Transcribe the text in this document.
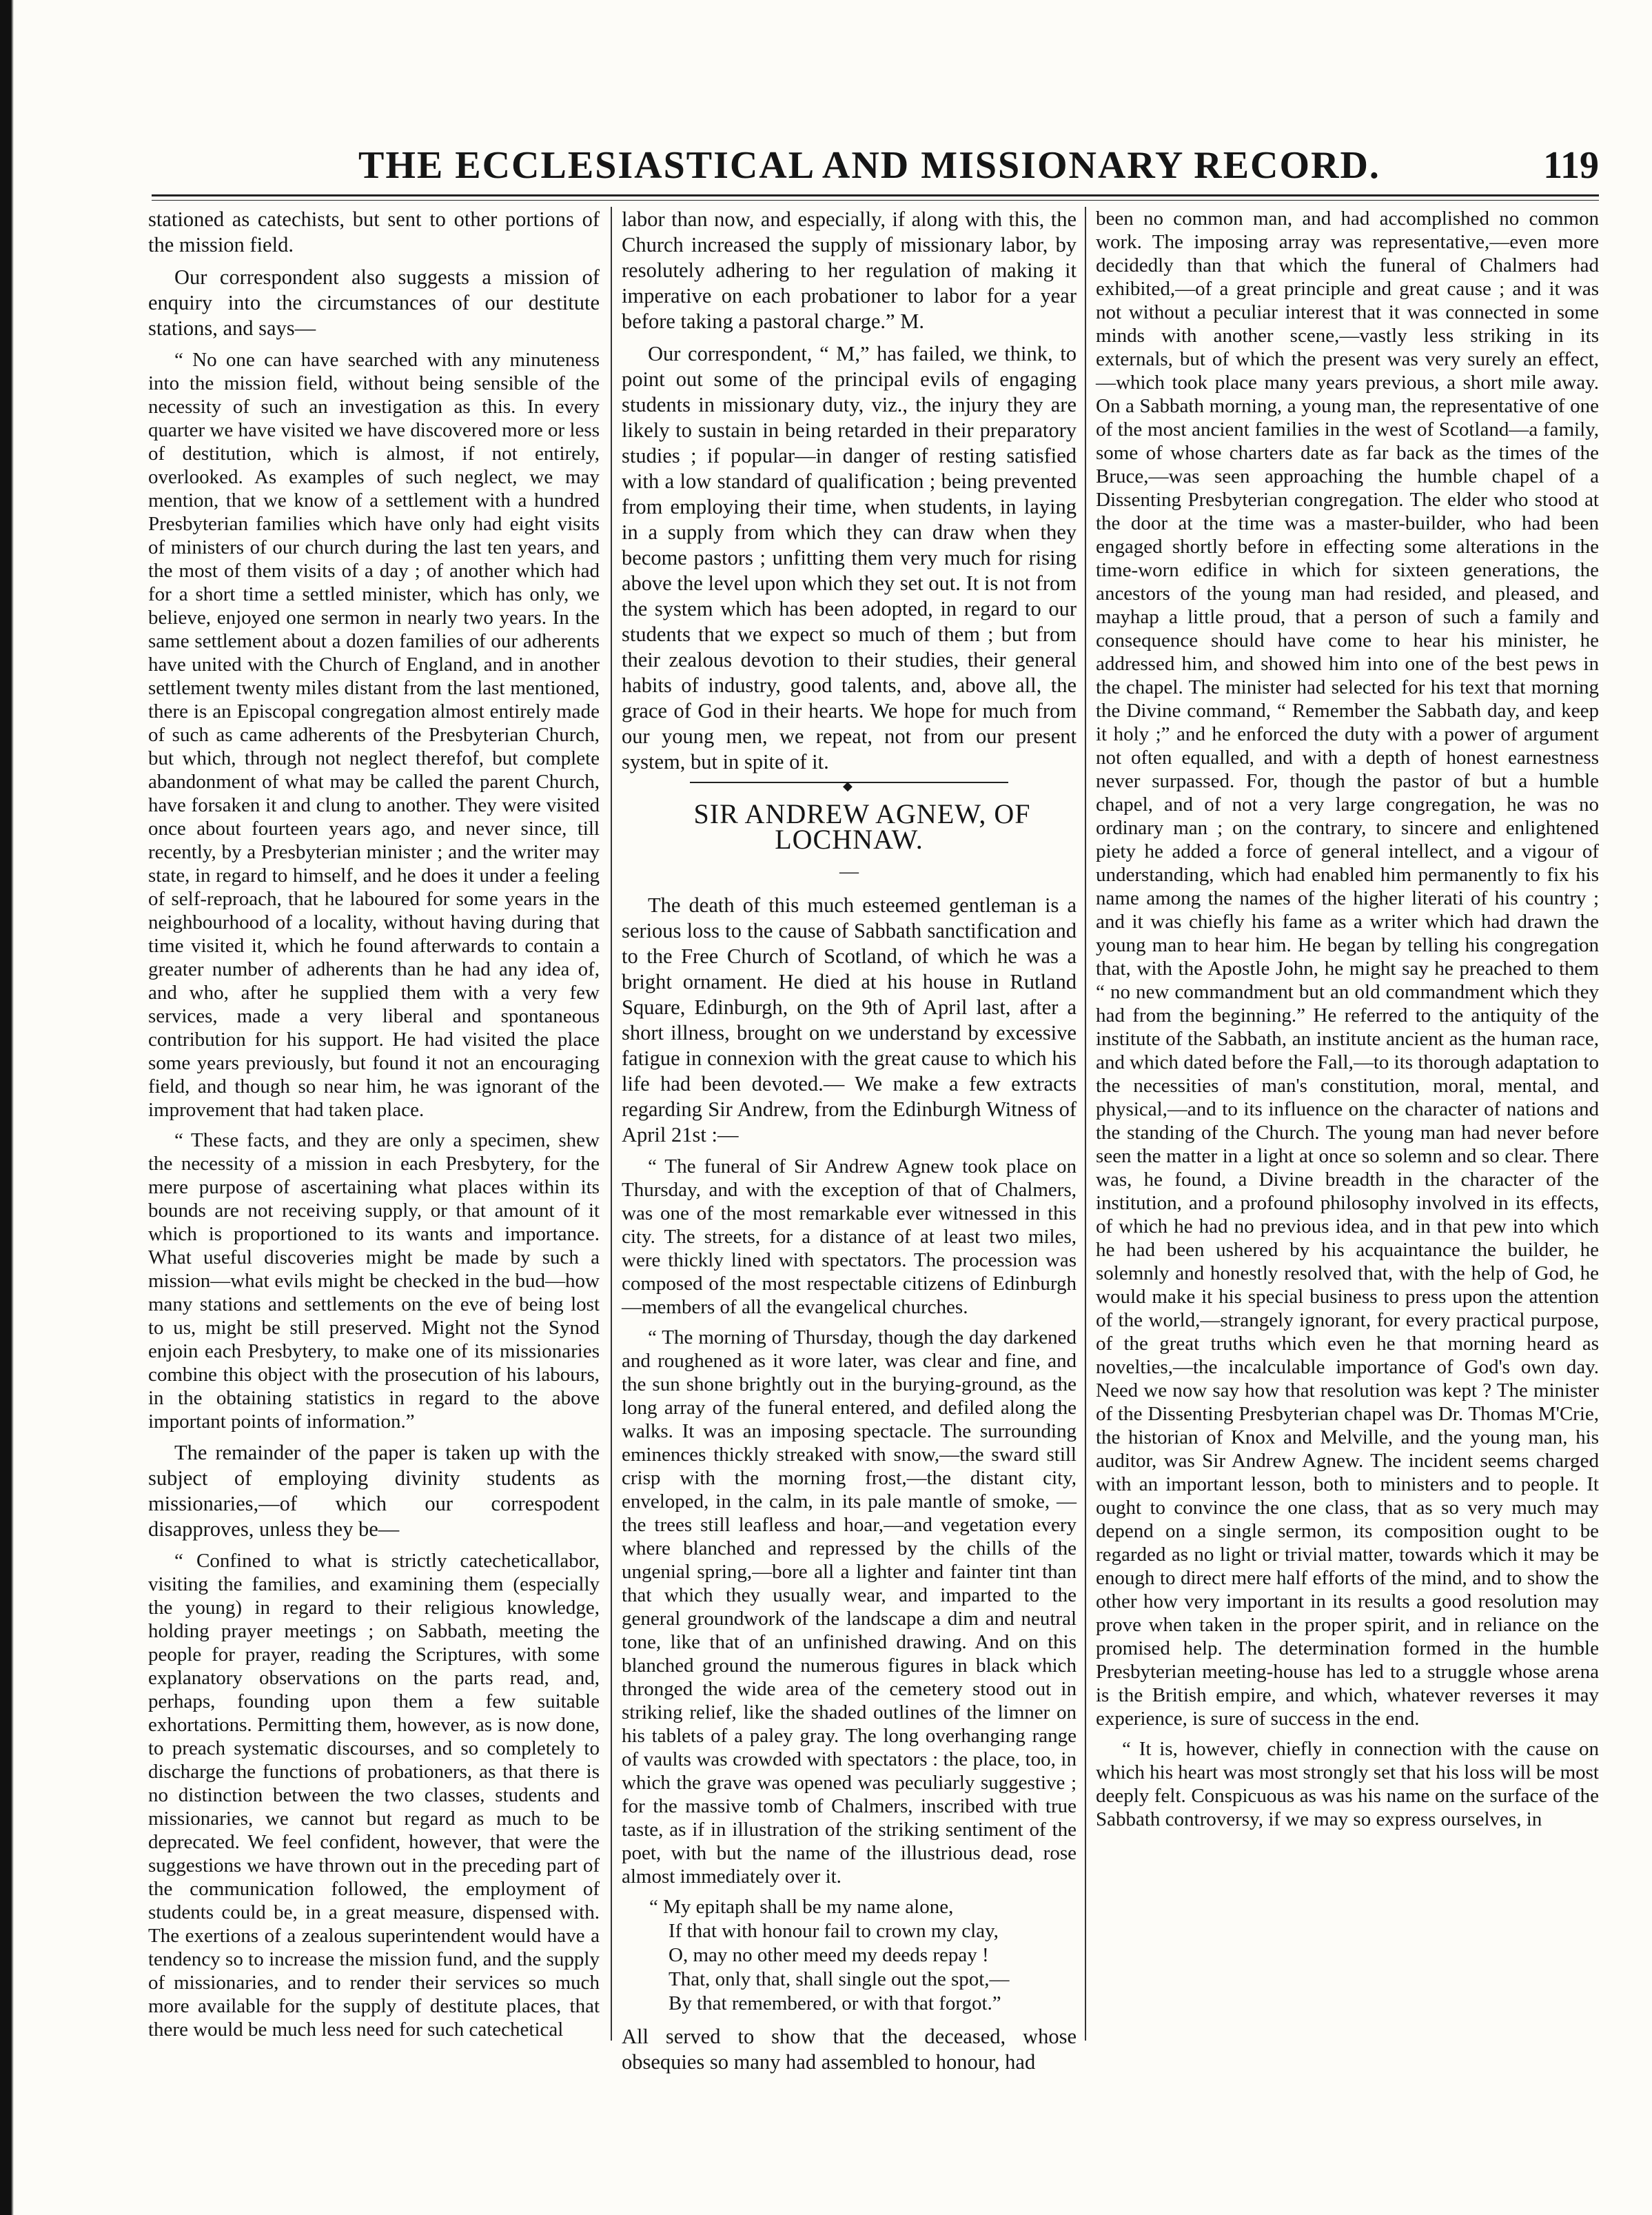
THE ECCLESIASTICAL AND MISSIONARY RECORD.	119

stationed as catechists, but sent to other portions of the mission field.

Our correspondent also suggests a mission of enquiry into the circumstances of our destitute stations, and says—

“ No one can have searched with any minuteness into the mission field, without being sensible of the necessity of such an investigation as this. In every quarter we have visited we have discovered more or less of destitution, which is almost, if not entirely, overlooked. As examples of such neglect, we may mention, that we know of a settlement with a hundred Presbyterian families which have only had eight visits of ministers of our church during the last ten years, and the most of them visits of a day ; of another which had for a short time a settled minister, which has only, we believe, enjoyed one sermon in nearly two years. In the same settlement about a dozen families of our adherents have united with the Church of England, and in another settlement twenty miles distant from the last mentioned, there is an Episcopal congregation almost entirely made of such as came adherents of the Presbyterian Church, but which, through not neglect therefof, but complete abandonment of what may be called the parent Church, have forsaken it and clung to another. They were visited once about fourteen years ago, and never since, till recently, by a Presbyterian minister ; and the writer may state, in regard to himself, and he does it under a feeling of self-reproach, that he laboured for some years in the neighbourhood of a locality, without having during that time visited it, which he found afterwards to contain a greater number of adherents than he had any idea of, and who, after he supplied them with a very few services, made a very liberal and spontaneous contribution for his support. He had visited the place some years previously, but found it not an encouraging field, and though so near him, he was ignorant of the improvement that had taken place.

“ These facts, and they are only a specimen, shew the necessity of a mission in each Presbytery, for the mere purpose of ascertaining what places within its bounds are not receiving supply, or that amount of it which is proportioned to its wants and importance. What useful discoveries might be made by such a mission—what evils might be checked in the bud—how many stations and settlements on the eve of being lost to us, might be still preserved. Might not the Synod enjoin each Presbytery, to make one of its missionaries combine this object with the prosecution of his labours, in the obtaining statistics in regard to the above important points of information.”

The remainder of the paper is taken up with the subject of employing divinity students as missionaries,—of which our correspodent disapproves, unless they be—

“ Confined to what is strictly catecheticallabor, visiting the families, and examining them (especially the young) in regard to their religious knowledge, holding prayer meetings ; on Sabbath, meeting the people for prayer, reading the Scriptures, with some explanatory observations on the parts read, and, perhaps, founding upon them a few suitable exhortations. Permitting them, however, as is now done, to preach systematic discourses, and so completely to discharge the functions of probationers, as that there is no distinction between the two classes, students and missionaries, we cannot but regard as much to be deprecated. We feel confident, however, that were the suggestions we have thrown out in the preceding part of the communication followed, the employment of students could be, in a great measure, dispensed with. The exertions of a zealous superintendent would have a tendency so to increase the mission fund, and the supply of missionaries, and to render their services so much more available for the supply of destitute places, that there would be much less need for such catechetical

labor than now, and especially, if along with this, the Church increased the supply of missionary labor, by resolutely adhering to her regulation of making it imperative on each probationer to labor for a year before taking a pastoral charge.” M.

Our correspondent, “ M,” has failed, we think, to point out some of the principal evils of engaging students in missionary duty, viz., the injury they are likely to sustain in being retarded in their preparatory studies ; if popular—in danger of resting satisfied with a low standard of qualification ; being prevented from employing their time, when students, in laying in a supply from which they can draw when they become pastors ; unfitting them very much for rising above the level upon which they set out. It is not from the system which has been adopted, in regard to our students that we expect so much of them ; but from their zealous devotion to their studies, their general habits of industry, good talents, and, above all, the grace of God in their hearts. We hope for much from our young men, we repeat, not from our present system, but in spite of it.

◆

SIR ANDREW AGNEW, OF LOCHNAW.

—

The death of this much esteemed gentleman is a serious loss to the cause of Sabbath sanctification and to the Free Church of Scotland, of which he was a bright ornament. He died at his house in Rutland Square, Edinburgh, on the 9th of April last, after a short illness, brought on we understand by excessive fatigue in connexion with the great cause to which his life had been devoted.— We make a few extracts regarding Sir Andrew, from the Edinburgh Witness of April 21st :—

“ The funeral of Sir Andrew Agnew took place on Thursday, and with the exception of that of Chalmers, was one of the most remarkable ever witnessed in this city. The streets, for a distance of at least two miles, were thickly lined with spectators. The procession was composed of the most respectable citizens of Edinburgh—members of all the evangelical churches.

“ The morning of Thursday, though the day darkened and roughened as it wore later, was clear and fine, and the sun shone brightly out in the burying-ground, as the long array of the funeral entered, and defiled along the walks. It was an imposing spectacle. The surrounding eminences thickly streaked with snow,—the sward still crisp with the morning frost,—the distant city, enveloped, in the calm, in its pale mantle of smoke, —the trees still leafless and hoar,—and vegetation every where blanched and repressed by the chills of the ungenial spring,—bore all a lighter and fainter tint than that which they usually wear, and imparted to the general groundwork of the landscape a dim and neutral tone, like that of an unfinished drawing. And on this blanched ground the numerous figures in black which thronged the wide area of the cemetery stood out in striking relief, like the shaded outlines of the limner on his tablets of a paley gray. The long overhanging range of vaults was crowded with spectators : the place, too, in which the grave was opened was peculiarly suggestive ; for the massive tomb of Chalmers, inscribed with true taste, as if in illustration of the striking sentiment of the poet, with but the name of the illustrious dead, rose almost immediately over it.

“ My epitaph shall be my name alone,
If that with honour fail to crown my clay,
O, may no other meed my deeds repay !
That, only that, shall single out the spot,—
By that remembered, or with that forgot.”

All served to show that the deceased, whose obsequies so many had assembled to honour, had

been no common man, and had accomplished no common work. The imposing array was representative,—even more decidedly than that which the funeral of Chalmers had exhibited,—of a great principle and great cause ; and it was not without a peculiar interest that it was connected in some minds with another scene,—vastly less striking in its externals, but of which the present was very surely an effect,—which took place many years previous, a short mile away. On a Sabbath morning, a young man, the representative of one of the most ancient families in the west of Scotland—a family, some of whose charters date as far back as the times of the Bruce,—was seen approaching the humble chapel of a Dissenting Presbyterian congregation. The elder who stood at the door at the time was a master-builder, who had been engaged shortly before in effecting some alterations in the time-worn edifice in which for sixteen generations, the ancestors of the young man had resided, and pleased, and mayhap a little proud, that a person of such a family and consequence should have come to hear his minister, he addressed him, and showed him into one of the best pews in the chapel. The minister had selected for his text that morning the Divine command, “ Remember the Sabbath day, and keep it holy ;” and he enforced the duty with a power of argument not often equalled, and with a depth of honest earnestness never surpassed. For, though the pastor of but a humble chapel, and of not a very large congregation, he was no ordinary man ; on the contrary, to sincere and enlightened piety he added a force of general intellect, and a vigour of understanding, which had enabled him permanently to fix his name among the names of the higher literati of his country ; and it was chiefly his fame as a writer which had drawn the young man to hear him. He began by telling his congregation that, with the Apostle John, he might say he preached to them “ no new commandment but an old commandment which they had from the beginning.” He referred to the antiquity of the institute of the Sabbath, an institute ancient as the human race, and which dated before the Fall,—to its thorough adaptation to the necessities of man's constitution, moral, mental, and physical,—and to its influence on the character of nations and the standing of the Church. The young man had never before seen the matter in a light at once so solemn and so clear. There was, he found, a Divine breadth in the character of the institution, and a profound philosophy involved in its effects, of which he had no previous idea, and in that pew into which he had been ushered by his acquaintance the builder, he solemnly and honestly resolved that, with the help of God, he would make it his special business to press upon the attention of the world,—strangely ignorant, for every practical purpose, of the great truths which even he that morning heard as novelties,—the incalculable importance of God's own day. Need we now say how that resolution was kept ? The minister of the Dissenting Presbyterian chapel was Dr. Thomas M'Crie, the historian of Knox and Melville, and the young man, his auditor, was Sir Andrew Agnew. The incident seems charged with an important lesson, both to ministers and to people. It ought to convince the one class, that as so very much may depend on a single sermon, its composition ought to be regarded as no light or trivial matter, towards which it may be enough to direct mere half efforts of the mind, and to show the other how very important in its results a good resolution may prove when taken in the proper spirit, and in reliance on the promised help. The determination formed in the humble Presbyterian meeting-house has led to a struggle whose arena is the British empire, and which, whatever reverses it may experience, is sure of success in the end.

“ It is, however, chiefly in connection with the cause on which his heart was most strongly set that his loss will be most deeply felt. Conspicuous as was his name on the surface of the Sabbath controversy, if we may so express ourselves, in
